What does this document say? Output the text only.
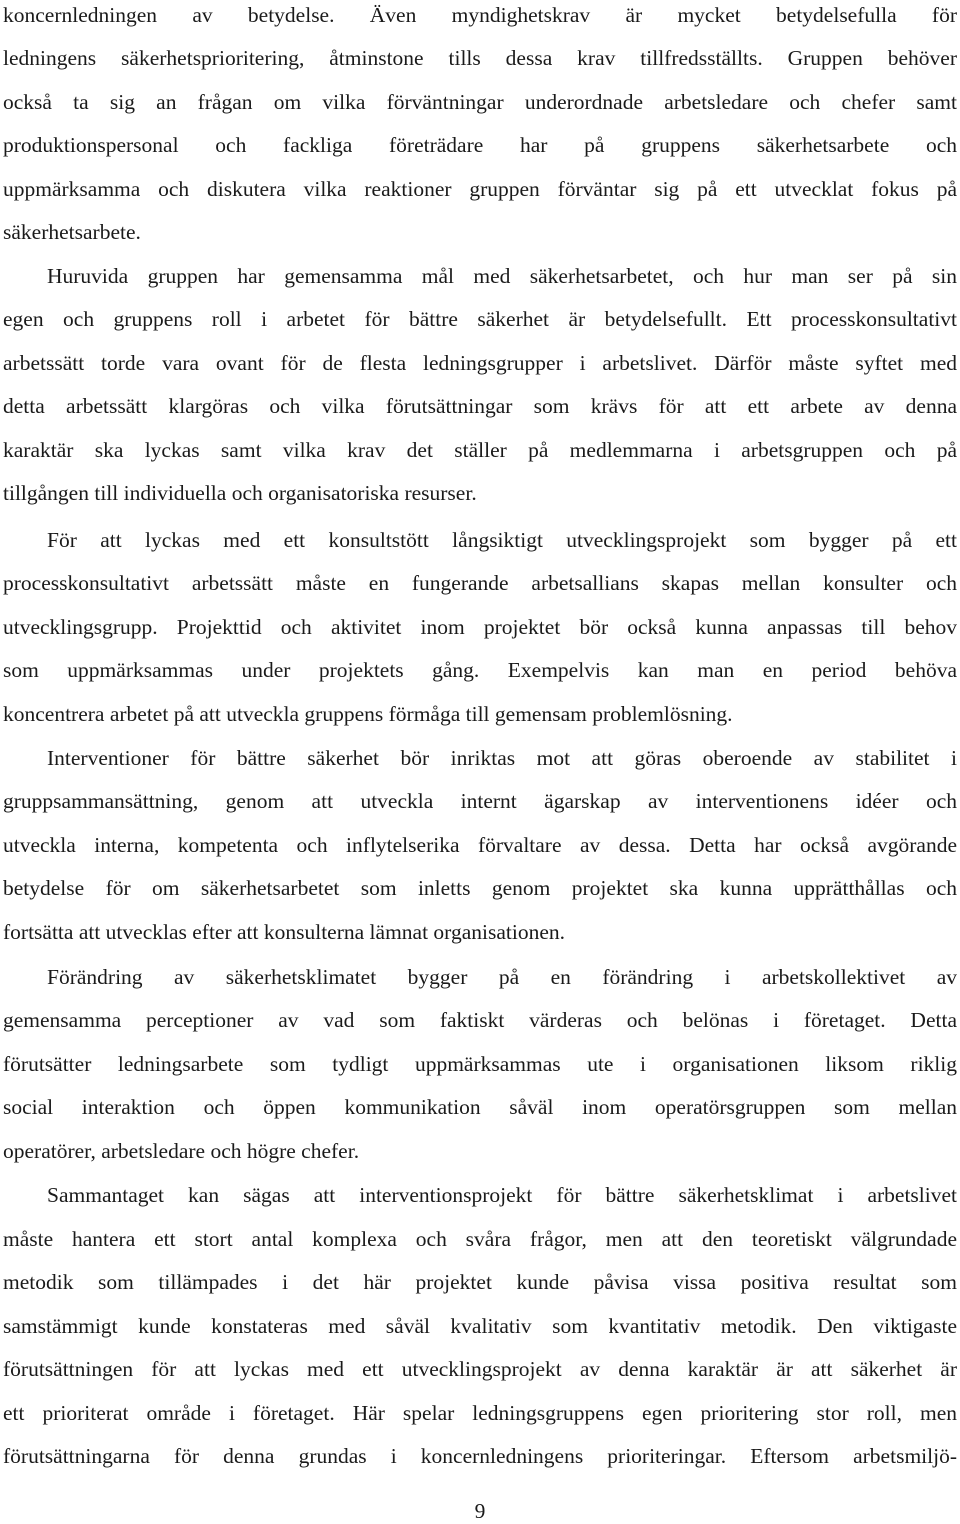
koncernledningen av betydelse. Även myndighetskrav är mycket betydelsefulla för
ledningens säkerhetsprioritering, åtminstone tills dessa krav tillfredsställts. Gruppen behöver
också ta sig an frågan om vilka förväntningar underordnade arbetsledare och chefer samt
produktionspersonal och fackliga företrädare har på gruppens säkerhetsarbete och
uppmärksamma och diskutera vilka reaktioner gruppen förväntar sig på ett utvecklat fokus på
säkerhetsarbete.
Huruvida gruppen har gemensamma mål med säkerhetsarbetet, och hur man ser på sin
egen och gruppens roll i arbetet för bättre säkerhet är betydelsefullt. Ett processkonsultativt
arbetssätt torde vara ovant för de flesta ledningsgrupper i arbetslivet. Därför måste syftet med
detta arbetssätt klargöras och vilka förutsättningar som krävs för att ett arbete av denna
karaktär ska lyckas samt vilka krav det ställer på medlemmarna i arbetsgruppen och på
tillgången till individuella och organisatoriska resurser.
För att lyckas med ett konsultstött långsiktigt utvecklingsprojekt som bygger på ett
processkonsultativt arbetssätt måste en fungerande arbetsallians skapas mellan konsulter och
utvecklingsgrupp. Projekttid och aktivitet inom projektet bör också kunna anpassas till behov
som uppmärksammas under projektets gång. Exempelvis kan man en period behöva
koncentrera arbetet på att utveckla gruppens förmåga till gemensam problemlösning.
Interventioner för bättre säkerhet bör inriktas mot att göras oberoende av stabilitet i
gruppsammansättning, genom att utveckla internt ägarskap av interventionens idéer och
utveckla interna, kompetenta och inflytelserika förvaltare av dessa. Detta har också avgörande
betydelse för om säkerhetsarbetet som inletts genom projektet ska kunna upprätthållas och
fortsätta att utvecklas efter att konsulterna lämnat organisationen.
Förändring av säkerhetsklimatet bygger på en förändring i arbetskollektivet av
gemensamma perceptioner av vad som faktiskt värderas och belönas i företaget. Detta
förutsätter ledningsarbete som tydligt uppmärksammas ute i organisationen liksom riklig
social interaktion och öppen kommunikation såväl inom operatörsgruppen som mellan
operatörer, arbetsledare och högre chefer.
Sammantaget kan sägas att interventionsprojekt för bättre säkerhetsklimat i arbetslivet
måste hantera ett stort antal komplexa och svåra frågor, men att den teoretiskt välgrundade
metodik som tillämpades i det här projektet kunde påvisa vissa positiva resultat som
samstämmigt kunde konstateras med såväl kvalitativ som kvantitativ metodik. Den viktigaste
förutsättningen för att lyckas med ett utvecklingsprojekt av denna karaktär är att säkerhet är
ett prioriterat område i företaget. Här spelar ledningsgruppens egen prioritering stor roll, men
förutsättningarna för denna grundas i koncernledningens prioriteringar. Eftersom arbetsmiljö-
9
